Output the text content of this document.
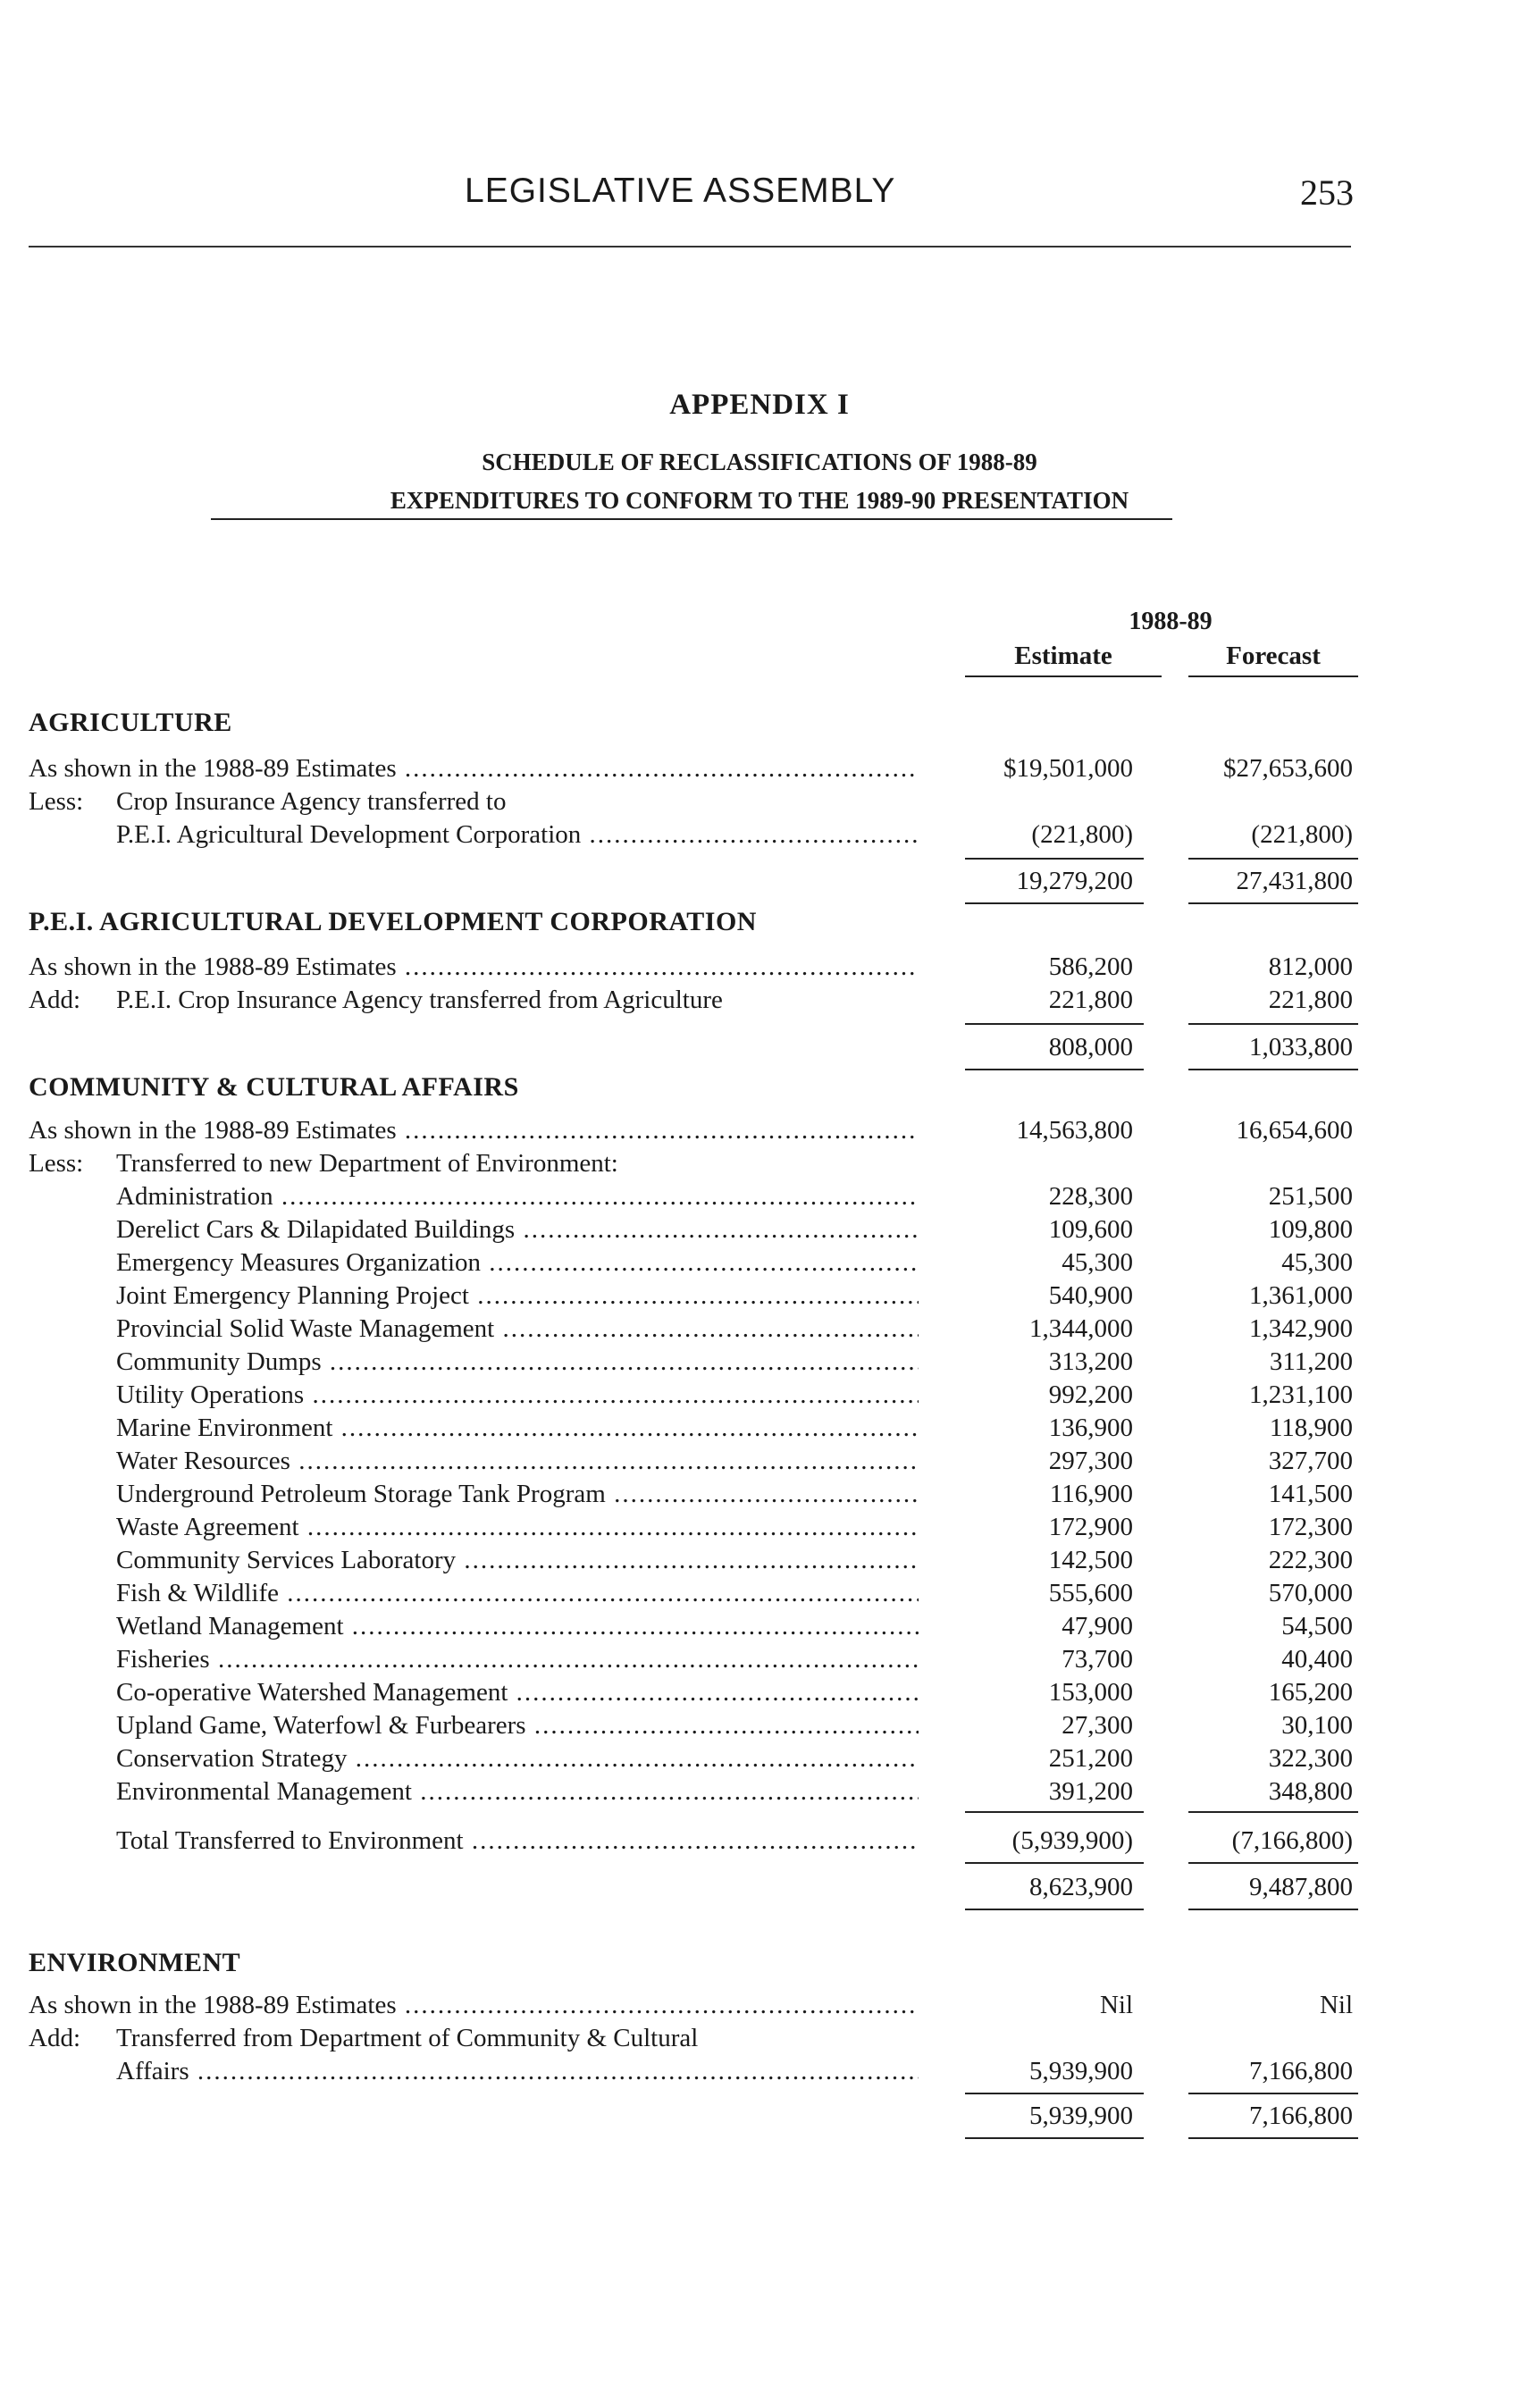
LEGISLATIVE ASSEMBLY	253
APPENDIX I
SCHEDULE OF RECLASSIFICATIONS OF 1988-89
EXPENDITURES TO CONFORM TO THE 1989-90 PRESENTATION
1988-89
Estimate	Forecast
AGRICULTURE
As shown in the 1988-89 Estimates .....	$19,501,000	$27,653,600
Less: Crop Insurance Agency transferred to
P.E.I. Agricultural Development Corporation .....	(221,800)	(221,800)
19,279,200	27,431,800
P.E.I. AGRICULTURAL DEVELOPMENT CORPORATION
As shown in the 1988-89 Estimates .....	586,200	812,000
Add: P.E.I. Crop Insurance Agency transferred from Agriculture	221,800	221,800
808,000	1,033,800
COMMUNITY & CULTURAL AFFAIRS
As shown in the 1988-89 Estimates .....	14,563,800	16,654,600
Less: Transferred to new Department of Environment:
Administration .....	228,300	251,500
Derelict Cars & Dilapidated Buildings .....	109,600	109,800
Emergency Measures Organization .....	45,300	45,300
Joint Emergency Planning Project .....	540,900	1,361,000
Provincial Solid Waste Management .....	1,344,000	1,342,900
Community Dumps .....	313,200	311,200
Utility Operations .....	992,200	1,231,100
Marine Environment .....	136,900	118,900
Water Resources .....	297,300	327,700
Underground Petroleum Storage Tank Program .....	116,900	141,500
Waste Agreement .....	172,900	172,300
Community Services Laboratory .....	142,500	222,300
Fish & Wildlife .....	555,600	570,000
Wetland Management .....	47,900	54,500
Fisheries .....	73,700	40,400
Co-operative Watershed Management .....	153,000	165,200
Upland Game, Waterfowl & Furbearers .....	27,300	30,100
Conservation Strategy .....	251,200	322,300
Environmental Management .....	391,200	348,800
Total Transferred to Environment .....	(5,939,900)	(7,166,800)
8,623,900	9,487,800
ENVIRONMENT
As shown in the 1988-89 Estimates .....	Nil	Nil
Add: Transferred from Department of Community & Cultural
Affairs .....	5,939,900	7,166,800
5,939,900	7,166,800
